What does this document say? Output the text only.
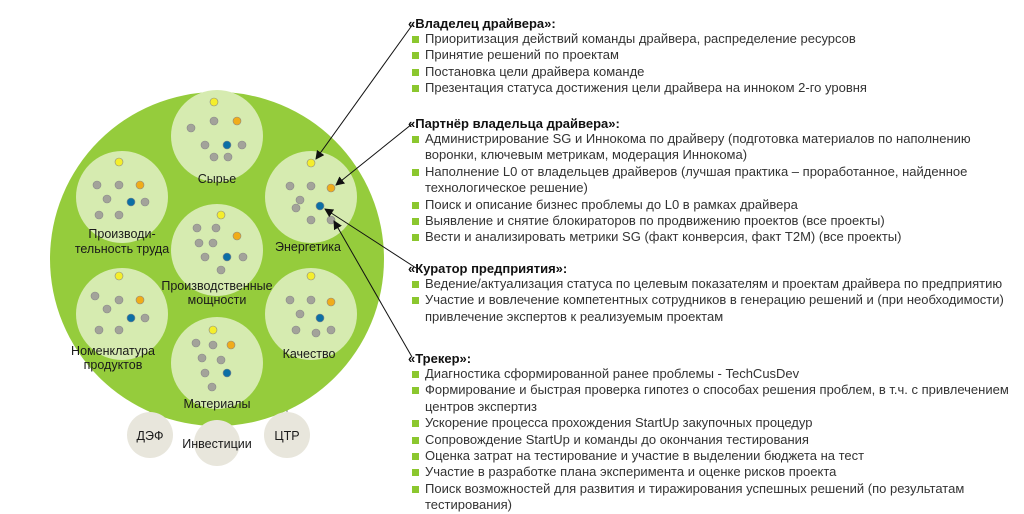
Сырье
Производи-
тельность труда	Энергетика
Производственные
мощности
Номенклатура
продуктов
Качество
Материалы
ДЭФ
Инвестиции
ЦТР
«Владелец драйвера»:
Приоритизация действий команды драйвера, распределение ресурсов
Принятие решений по проектам
Постановка цели драйвера команде
Презентация статуса достижения цели драйвера на инноком 2-го уровня
«Партнёр владельца драйвера»:
Администрирование SG и Иннокома по драйверу (подготовка материалов по наполнению воронки, ключевым метрикам, модерация Иннокома)
Наполнение L0 от владельцев драйверов (лучшая практика – проработанное, найденное технологическое решение)
Поиск и описание бизнес проблемы до L0 в рамках драйвера
Выявление и снятие блокираторов по продвижению проектов (все проекты)
Вести и анализировать метрики SG (факт конверсия, факт T2M) (все проекты)
«Куратор предприятия»:
Ведение/актуализация статуса по целевым показателям и проектам драйвера по предприятию
Участие и вовлечение компетентных сотрудников в генерацию решений и (при необходимости) привлечение экспертов к реализуемым проектам
«Трекер»:
Диагностика сформированной ранее проблемы - TechCusDev
Формирование и быстрая проверка гипотез о способах решения проблем, в т.ч. с привлечением центров экспертиз
Ускорение процесса прохождения StartUp закупочных процедур
Сопровождение StartUp и команды до окончания тестирования
Оценка затрат на тестирование и участие в выделении бюджета на тест
Участие в разработке плана эксперимента и оценке рисков проекта
Поиск возможностей для развития и тиражирования успешных решений (по результатам тестирования)
